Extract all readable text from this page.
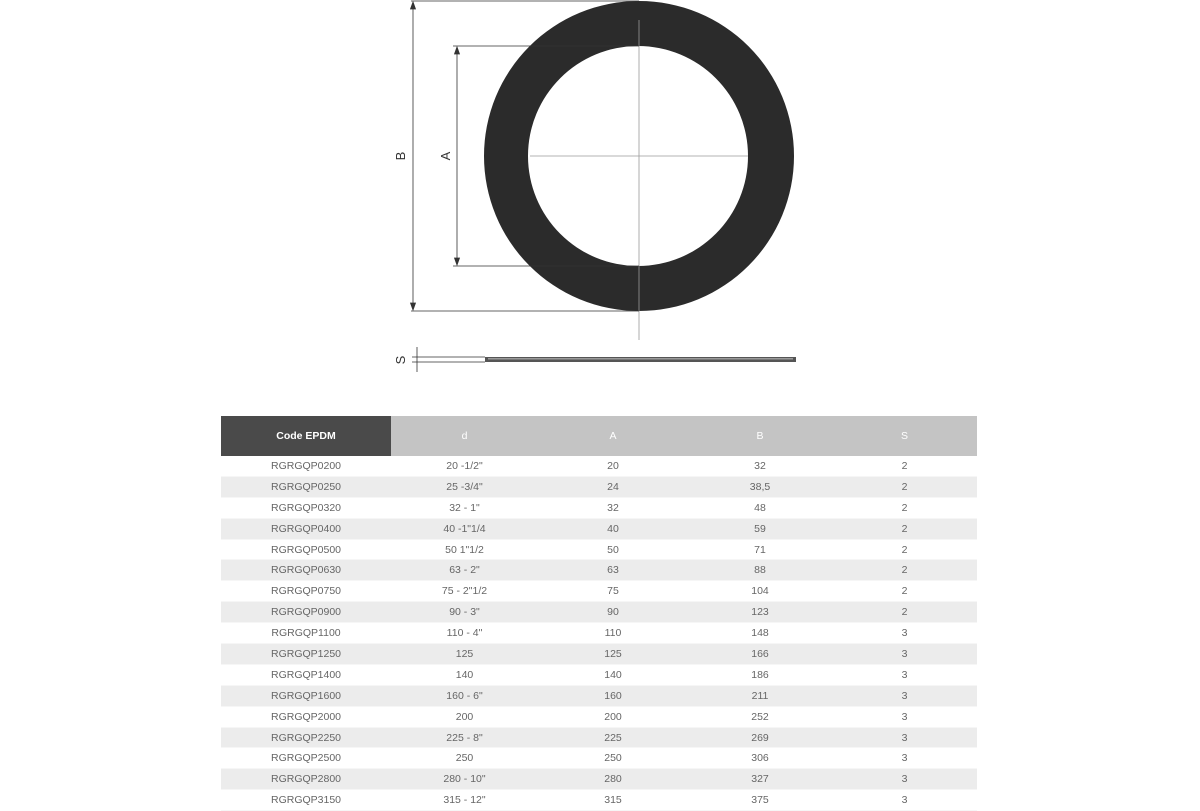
B A
S
Code EPDM	d	A	B	S
RGRGQP0200	20 -1/2"	20	32	2
RGRGQP0250	25 -3/4"	24	38,5	2
RGRGQP0320	32 - 1"	32	48	2
RGRGQP0400	40 -1"1/4	40	59	2
RGRGQP0500	50 1"1/2	50	71	2
RGRGQP0630	63 - 2"	63	88	2
RGRGQP0750	75 - 2"1/2	75	104	2
RGRGQP0900	90 - 3"	90	123	2
RGRGQP1100	110 - 4"	110	148	3
RGRGQP1250	125	125	166	3
RGRGQP1400	140	140	186	3
RGRGQP1600	160 - 6"	160	211	3
RGRGQP2000	200	200	252	3
RGRGQP2250	225 - 8"	225	269	3
RGRGQP2500	250	250	306	3
RGRGQP2800	280 - 10"	280	327	3
RGRGQP3150	315 - 12"	315	375	3
